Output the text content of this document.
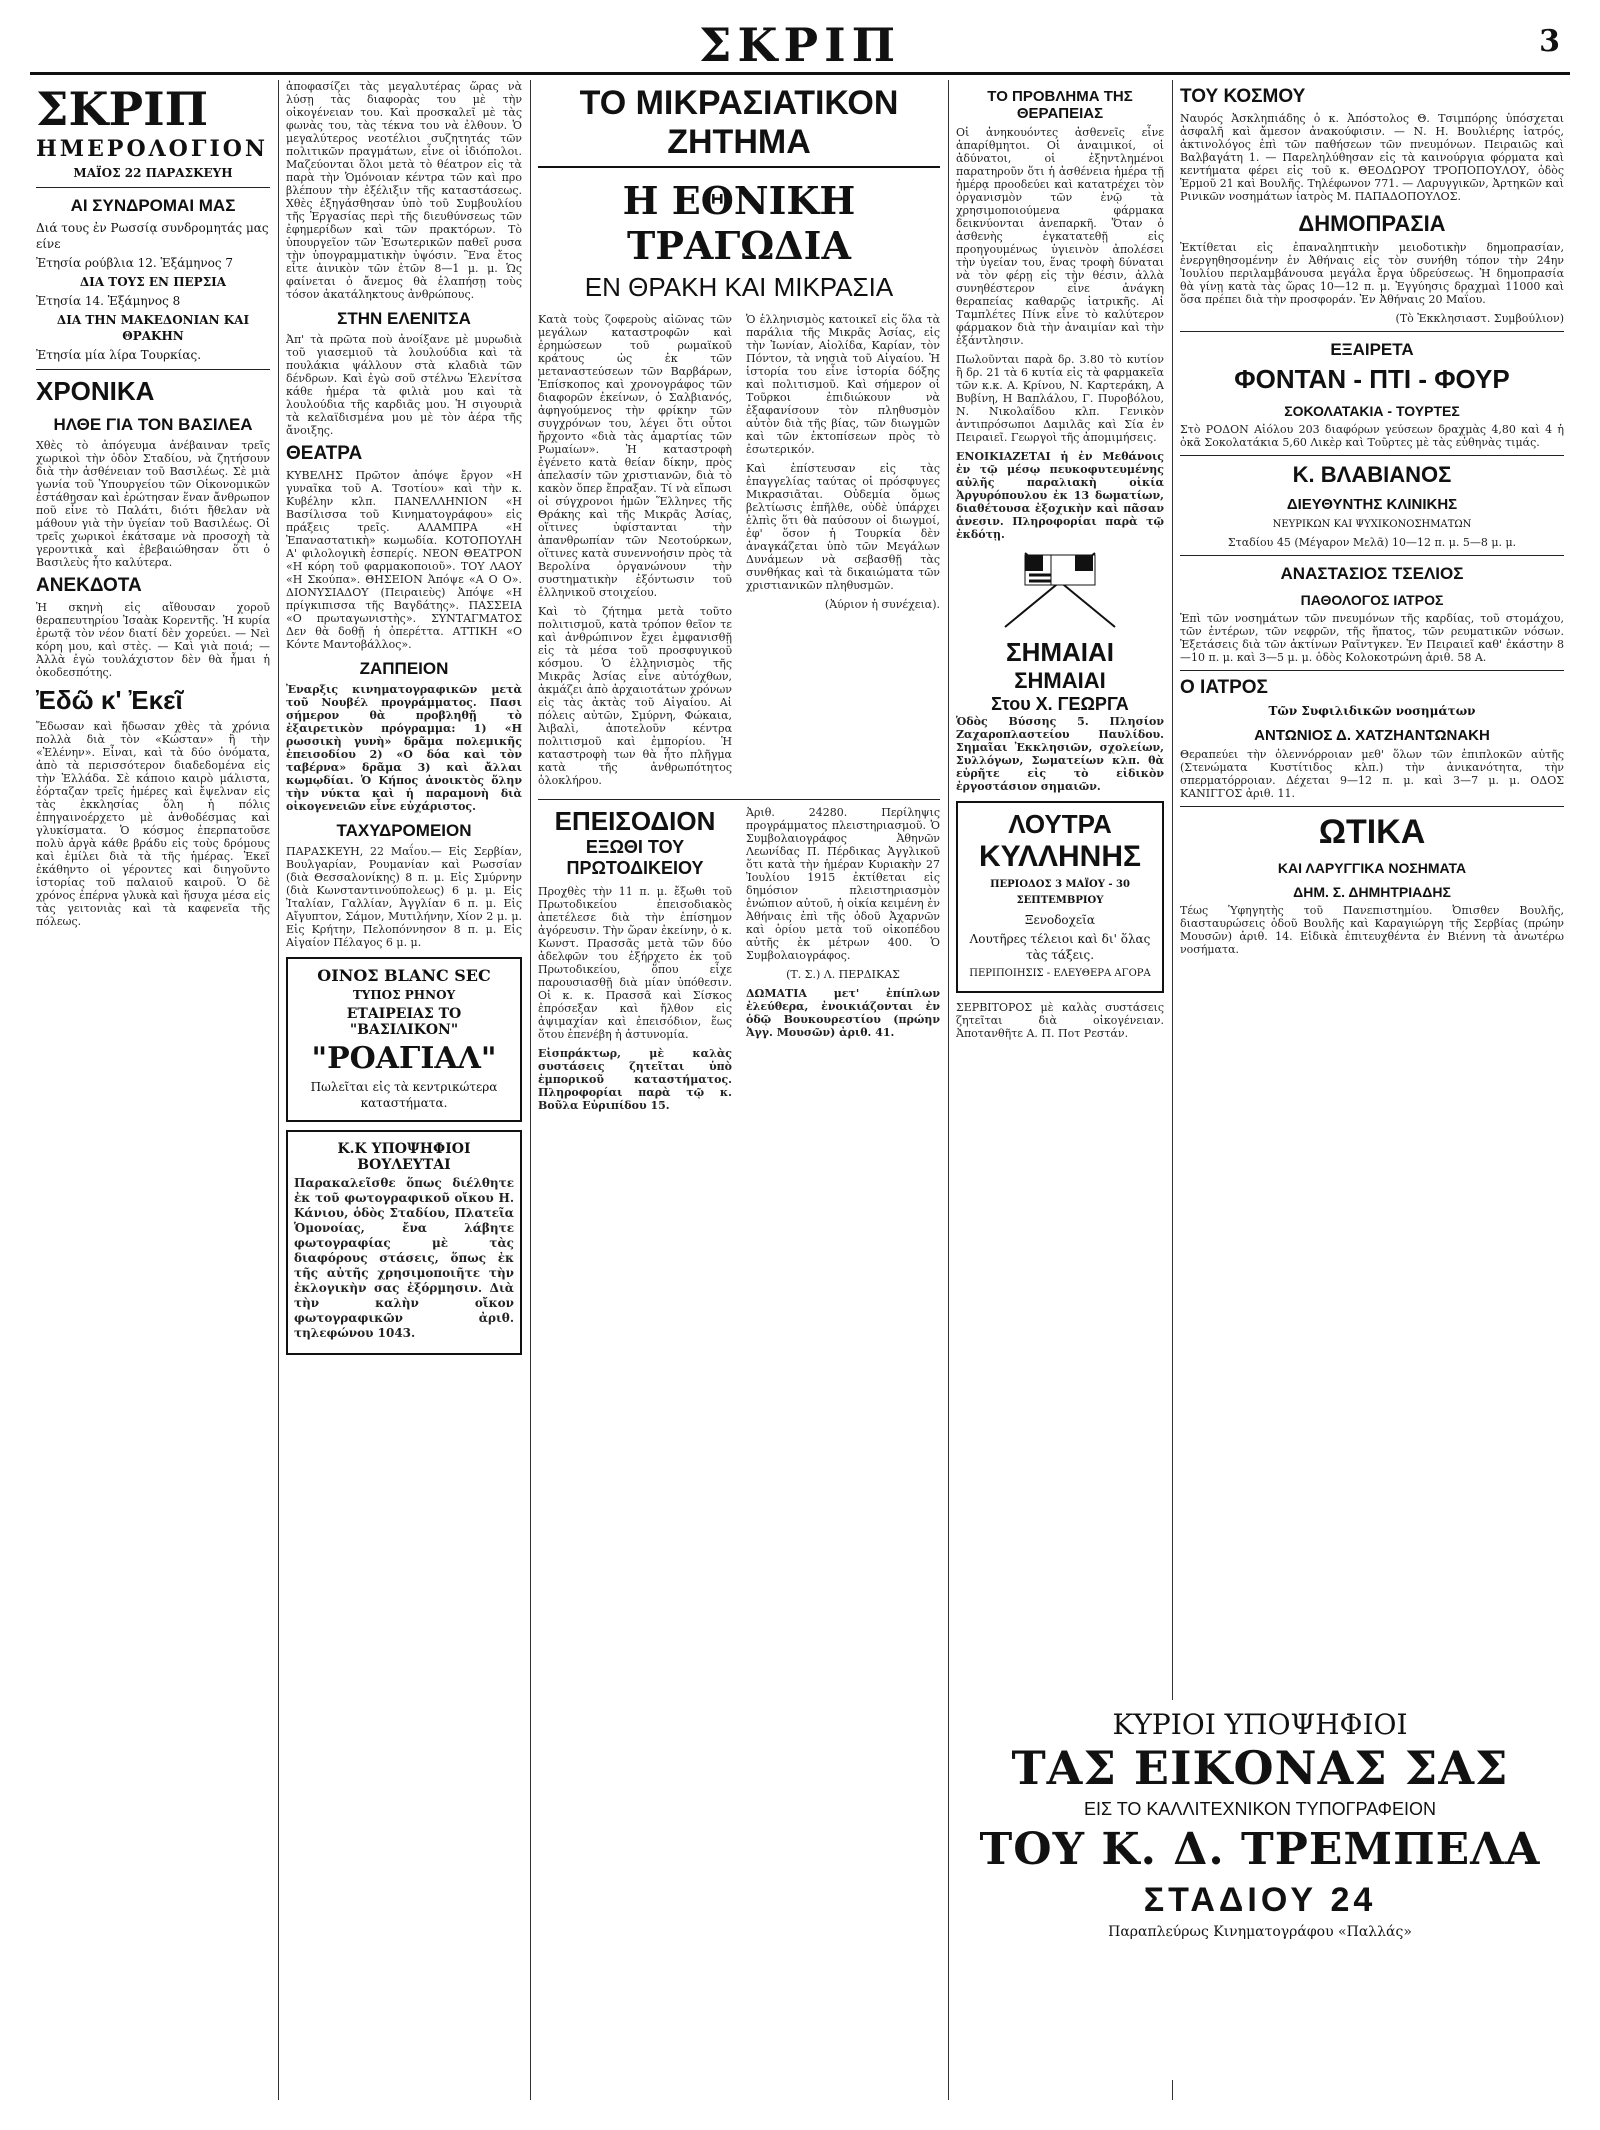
ΣΚΡΙΠ	3
ΣΚΡΙΠ
ΗΜΕΡΟΛΟΓΙΟΝ
ΜΑΪΟΣ 22 ΠΑΡΑΣΚΕΥΗ
ΑΙ ΣΥΝΔΡΟΜΑΙ ΜΑΣ
Διά τους ἐν Ρωσσίᾳ συνδρομητάς μας είνε
Ἐτησία ρούβλια 12. Ἑξάμηνος 7
ΔΙΑ ΤΟΥΣ ΕΝ ΠΕΡΣΙΑ
Ἐτησία 14. Ἑξάμηνος 8
ΔΙΑ ΤΗΝ ΜΑΚΕΔΟΝΙΑΝ ΚΑΙ ΘΡΑΚΗΝ
Ἐτησία μία λίρα Τουρκίας.
ΧΡΟΝΙΚΑ
ΗΛΘΕ ΓΙΑ ΤΟΝ ΒΑΣΙΛΕΑ

Χθὲς τὸ ἀπόγευμα ἀνέβαιναν τρεῖς χωρικοὶ τὴν ὁδὸν Σταδίου, νὰ ζητήσουν διὰ τὴν ἀσθένειαν τοῦ Βασιλέως. Σὲ μιὰ γωνία τοῦ Ὑπουργείου τῶν Οἰκονομικῶν ἐστάθησαν καὶ ἐρώτησαν ἕναν ἄνθρωπον ποῦ εἶνε τὸ Παλάτι, διότι ἤθελαν νὰ μάθουν γιὰ τὴν ὑγείαν τοῦ Βασιλέως. Οἱ τρεῖς χωρικοὶ ἐκάτσαμε νὰ προσοχὴ τὰ γεροντικὰ καὶ ἐβεβαιώθησαν ὅτι ὁ Βασιλεὺς ἦτο καλύτερα.

ΑΝΕΚΔΟΤΑ

Ἡ σκηνὴ εἰς αἴθουσαν χοροῦ θεραπευτηρίου Ἰσαὰκ Κορεντῆς. Ἡ κυρία ἐρωτᾷ τὸν νέον διατί δὲν χορεύει. — Νεὶ κόρη μου, καὶ στὲς. — Καὶ γιὰ ποιά; — Ἀλλὰ ἐγὼ τουλάχιστον δὲν θὰ ἦμαι ἡ ὀκοδεσπότης.

Ἐδῶ κ' Ἐκεῖ

Ἔδωσαν καὶ ἤδωσαν χθὲς τὰ χρόνια πολλὰ διὰ τὸν «Κώσταν» ἢ τὴν «Ἐλένην». Εἶναι, καὶ τὰ δύο ὀνόματα, ἀπὸ τὰ περισσότερον διαδεδομένα εἰς τὴν Ἑλλάδα. Σὲ κάποιο καιρὸ μάλιστα, ἐόρταζαν τρεῖς ἡμέρες καὶ ἔψελναν εἰς τὰς ἐκκλησίας ὅλη ἡ πόλις ἐπηγαινοέρχετο μὲ ἀνθοδέσμας καὶ γλυκίσματα. Ὁ κόσμος ἐπερπατοῦσε πολὺ ἀργὰ κάθε βράδυ εἰς τοὺς δρόμους καὶ ἐμίλει διὰ τὰ τῆς ἡμέρας. Ἐκεῖ ἐκάθηντο οἱ γέροντες καὶ διηγοῦντο ἱστορίας τοῦ παλαιοῦ καιροῦ. Ὁ δὲ χρόνος ἐπέρνα γλυκὰ καὶ ἥσυχα μέσα εἰς τὰς γειτονιὰς καὶ τὰ καφενεῖα τῆς πόλεως.

ἀποφασίζει τὰς μεγαλυτέρας ὥρας νὰ λύσῃ τὰς διαφορὰς του μὲ τὴν οἰκογένειαν του. Καὶ προσκαλεῖ μὲ τὰς φωνὰς του, τὰς τέκνα του νὰ ἐλθουν. Ὁ μεγαλύτερος νεοτέλιοι συζητητάς τῶν πολιτικῶν πραγμάτων, εἶνε οἱ ἰδιόπολοι. Μαζεύονται ὅλοι μετὰ τὸ θέατρον εἰς τὰ παρὰ τὴν Ὁμόνοιαν κέντρα τῶν καὶ προ βλέπουν τὴν ἐξέλιξιν τῆς καταστάσεως. Χθὲς ἐξηγάσθησαν ὑπὸ τοῦ Συμβουλίου τῆς Ἐργασίας περὶ τῆς διευθύνσεως τῶν ἐφημερίδων καὶ τῶν πρακτόρων. Τὸ ὑπουργεῖον τῶν Ἐσωτερικῶν παθεῖ ρυσα τὴν ὑπογραμματικὴν ὑψόσιν. Ἓνα ἔτος εἶτε ἀινικὸν τῶν ἐτῶν 8—1 μ. μ. Ὡς φαίνεται ὁ ἄνεμος θὰ ἐλαπήσῃ τοὺς τόσον ἀκατάληκτους ἀνθρώπους.

ΣΤΗΝ ΕΛΕΝΙΤΣΑ

Ἀπ' τὰ πρῶτα ποὺ ἀνοίξανε μὲ μυρωδιὰ τοῦ γιασεμιοῦ τὰ λουλούδια καὶ τὰ πουλάκια ψάλλουν στὰ κλαδιὰ τῶν δένδρων. Καὶ ἐγὼ σοῦ στέλνω Ἑλενίτσα κάθε ἡμέρα τὰ φιλιὰ μου καὶ τὰ λουλούδια τῆς καρδιᾶς μου. Ἡ σιγουριὰ τὰ κελαϊδισμένα μου μὲ τὸν ἀέρα τῆς ἄνοιξης.

ΘΕΑΤΡΑ

ΚΥΒΕΛΗΣ Πρῶτον ἀπόψε ἔργον «Η γυναῖκα τοῦ Α. Τσοτίου» καὶ τὴν κ. Κυβέλην κλπ. ΠΑΝΕΛΛΗΝΙΟΝ «Η Βασίλισσα τοῦ Κινηματογράφου» εἰς πράξεις τρεῖς. ΑΛΑΜΠΡΑ «Η Ἐπαναστατικὴ» κωμωδία. ΚΟΤΟΠΟΥΛΗ Α' φιλολογικὴ ἑσπερίς. ΝΕΟΝ ΘΕΑΤΡΟΝ «Η κόρη τοῦ φαρμακοποιοῦ». ΤΟΥ ΛΑΟΥ «Η Σκούπα». ΘΗΣΕΙΟΝ Ἀπόψε «Α Ο Ο». ΔΙΟΝΥΣΙΑΔΟΥ (Πειραιεὺς) Ἀπόψε «Η πρίγκιπισσα τῆς Βαγδάτης». ΠΑΣΣΕΙΑ «Ο πρωταγωνιστὴς». ΣΥΝΤΑΓΜΑΤΟΣ Δεν θὰ δοθῇ ἡ ὀπερέττα. ΑΤΤΙΚΗ «Ο Κόντε Μαντοβάλλος».

ΖΑΠΠΕΙΟΝ

Ἐναρξις κινηματογραφικῶν μετὰ τοῦ Νουβέλ προγράμματος. Πασι σήμερον θὰ προβληθῇ τὸ ἐξαιρετικὸν πρόγραμμα: 1) «Η ρωσσικὴ γυνὴ» δρᾶμα πολεμικῆς ἐπεισοδίου 2) «Ο δόα καὶ τὸν ταβέρνα» δρᾶμα 3) καὶ ἄλλαι κωμῳδίαι. Ὁ Κήπος ἀνοικτὸς ὅλην τὴν νύκτα καὶ ἡ παραμονὴ διὰ οἰκογενειῶν εἶνε εὐχάριστος.

ΤΑΧΥΔΡΟΜΕΙΟΝ

ΠΑΡΑΣΚΕΥΗ, 22 Μαΐου.— Εἰς Σερβίαν, Βουλγαρίαν, Ρουμανίαν καὶ Ρωσσίαν (διὰ Θεσσαλονίκης) 8 π. μ. Εἰς Σμύρνην (διὰ Κωνσταντινούπολεως) 6 μ. μ. Εἰς Ἰταλίαν, Γαλλίαν, Ἀγγλίαν 6 π. μ. Εἰς Αἴγυπτον, Σάμον, Μυτιλήνην, Χίον 2 μ. μ. Εἰς Κρήτην, Πελοπόννησον 8 π. μ. Εἰς Αἰγαίον Πέλαγος 6 μ. μ.

ΟΙΝΟΣ BLANC SEC
ΤΥΠΟΣ ΡΗΝΟΥ
ΕΤΑΙΡΕΙΑΣ ΤΟ "ΒΑΣΙΛΙΚΟΝ"
"ΡΟΑΓΙΑΛ"
Πωλεῖται εἰς τὰ κεντρικώτερα καταστήματα.
Κ.Κ ΥΠΟΨΗΦΙΟΙ ΒΟΥΛΕΥΤΑΙ

Παρακαλεῖσθε ὅπως διέλθητε ἐκ τοῦ φωτογραφικοῦ οἴκου Η. Κάνιου, ὁδὸς Σταδίου, Πλατεῖα Ὁμονοίας, ἔνα λάβητε φωτογραφίας μὲ τὰς διαφόρους στάσεις, ὅπως ἐκ τῆς αὐτῆς χρησιμοποιῆτε τὴν ἐκλογικὴν σας ἐξόρμησιν. Διὰ τὴν καλὴν οἴκον φωτογραφικῶν ἀριθ. τηλεφώνου 1043.

ΤΟ ΜΙΚΡΑΣΙΑΤΙΚΟΝ ΖΗΤΗΜΑ
Η ΕΘΝΙΚΗ ΤΡΑΓΩΔΙΑ
ΕΝ ΘΡΑΚΗ ΚΑΙ ΜΙΚΡΑΣΙΑ

Κατὰ τοὺς ζοφεροὺς αἰῶνας τῶν μεγάλων καταστροφῶν καὶ ἐρημώσεων τοῦ ρωμαϊκοῦ κράτους ὡς ἐκ τῶν μεταναστεύσεων τῶν Βαρβάρων, Ἐπίσκοπος καὶ χρονογράφος τῶν διαφορῶν ἐκείνων, ὁ Σαλβιανός, ἀφηγούμενος τὴν φρίκην τῶν συγχρόνων του, λέγει ὅτι οὗτοι ἤρχοντο «διὰ τὰς ἁμαρτίας τῶν Ρωμαίων». Ἡ καταστροφὴ ἐγένετο κατὰ θείαν δίκην, πρὸς ἀπελασίν τῶν χριστιανῶν, διὰ τὸ κακὸν ὅπερ ἔπραξαν. Τί νὰ εἴπωσι οἱ σύγχρονοι ἡμῶν Ἕλληνες τῆς Θράκης καὶ τῆς Μικρᾶς Ἀσίας, οἵτινες ὑφίστανται τὴν ἀπανθρωπίαν τῶν Νεοτούρκων, οἵτινες κατὰ συνεννοήσιν πρὸς τὰ Βερολίνα ὀργανώνουν τὴν συστηματικὴν ἐξόντωσιν τοῦ ἑλληνικοῦ στοιχείου.

Καὶ τὸ ζήτημα μετὰ τοῦτο πολιτισμοῦ, κατὰ τρόπον θεῖον τε καὶ ἀνθρώπινον ἔχει ἐμφανισθῇ εἰς τὰ μέσα τοῦ προσφυγικοῦ κόσμου. Ὁ ἑλληνισμὸς τῆς Μικρᾶς Ἀσίας εἶνε αὐτόχθων, ἀκμάζει ἀπὸ ἀρχαιοτάτων χρόνων εἰς τὰς ἀκτὰς τοῦ Αἰγαίου. Αἱ πόλεις αὐτῶν, Σμύρνη, Φώκαια, Ἀιβαλὶ, ἀποτελοῦν κέντρα πολιτισμοῦ καὶ ἐμπορίου. Ἡ καταστροφὴ των θὰ ἦτο πλῆγμα κατὰ τῆς ἀνθρωπότητος ὁλοκλήρου.

Ὁ ἑλληνισμὸς κατοικεῖ εἰς ὅλα τὰ παράλια τῆς Μικρᾶς Ἀσίας, εἰς τὴν Ἰωνίαν, Αἰολίδα, Καρίαν, τὸν Πόντον, τὰ νησιὰ τοῦ Αἰγαίου. Ἡ ἱστορία του εἶνε ἱστορία δόξης καὶ πολιτισμοῦ. Καὶ σήμερον οἱ Τοῦρκοι ἐπιδιώκουν νὰ ἐξαφανίσουν τὸν πληθυσμὸν αὐτὸν διὰ τῆς βίας, τῶν διωγμῶν καὶ τῶν ἐκτοπίσεων πρὸς τὸ ἐσωτερικόν.

Καὶ ἐπίστευσαν εἰς τὰς ἐπαγγελίας ταύτας οἱ πρόσφυγες Μικρασιᾶται. Οὐδεμία ὅμως βελτίωσις ἐπῆλθε, οὐδὲ ὑπάρχει ἐλπὶς ὅτι θὰ παύσουν οἱ διωγμοί, ἐφ' ὅσον ἡ Τουρκία δὲν ἀναγκάζεται ὑπὸ τῶν Μεγάλων Δυνάμεων νὰ σεβασθῇ τὰς συνθήκας καὶ τὰ δικαιώματα τῶν χριστιανικῶν πληθυσμῶν.

(Ἀύριον ἡ συνέχεια).

ΕΠΕΙΣΟΔΙΟΝ
ΕΞΩΘΙ ΤΟΥ ΠΡΩΤΟΔΙΚΕΙΟΥ

Προχθὲς τὴν 11 π. μ. ἔξωθι τοῦ Πρωτοδικείου ἐπεισοδιακὸς ἀπετέλεσε διὰ τὴν ἐπίσημον ἀγόρευσιν. Τὴν ὥραν ἐκείνην, ὁ κ. Κωνστ. Πρασσᾶς μετὰ τῶν δύο ἀδελφῶν του ἐξήρχετο ἐκ τοῦ Πρωτοδικείου, ὅπου εἶχε παρουσιασθῇ διὰ μίαν ὑπόθεσιν. Οἱ κ. κ. Πρασσᾶ καὶ Σίσκος ἐπρόσεξαν καὶ ἤλθον εἰς ἀψιμαχίαν καὶ ἐπεισόδιον, ἕως ὅτου ἐπενέβη ἡ ἀστυνομία.

Εἰσπράκτωρ, μὲ καλὰς συστάσεις ζητεῖται ὑπὸ ἐμπορικοῦ καταστήματος. Πληροφορίαι παρὰ τῷ κ. Βοῦλα Εὐριπίδου 15.

Ἀριθ. 24280. Περίληψις προγράμματος πλειστηριασμοῦ. Ὁ Συμβολαιογράφος Ἀθηνῶν Λεωνίδας Π. Πέρδικας Ἀγγλικοῦ ὅτι κατὰ τὴν ἡμέραν Κυριακὴν 27 Ἰουλίου 1915 ἐκτίθεται εἰς δημόσιον πλειστηριασμὸν ἐνώπιον αὐτοῦ, ἡ οἰκία κειμένη ἐν Ἀθήναις ἐπὶ τῆς ὁδοῦ Ἀχαρνῶν καὶ ὁρίου μετὰ τοῦ οἰκοπέδου αὐτῆς ἐκ μέτρων 400. Ὁ Συμβολαιογράφος.

(Τ. Σ.) Λ. ΠΕΡΔΙΚΑΣ

ΔΩΜΑΤΙΑ μετ' ἐπίπλων ἐλεύθερα, ἐνοικιάζονται ἐν ὁδῷ Βουκουρεστίου (πρώην Ἀγγ. Μουσῶν) ἀριθ. 41.

ΤΟ ΠΡΟΒΛΗΜΑ ΤΗΣ ΘΕΡΑΠΕΙΑΣ

Οἱ ἀνηκουόντες ἀσθενεῖς εἶνε ἀπαρίθμητοι. Οἱ ἀναιμικοί, οἱ ἀδύνατοι, οἱ ἐξηντλημένοι παρατηροῦν ὅτι ἡ ἀσθένεια ἡμέρα τῇ ἡμέρᾳ προοδεύει καὶ κατατρέχει τὸν ὀργανισμὸν τῶν ἐνῷ τὰ χρησιμοποιούμενα φάρμακα δεικνύονται ἀνεπαρκῆ. Ὅταν ὁ ἀσθενὴς ἐγκατατεθῇ εἰς προηγουμένως ὑγιεινὸν ἀπολέσει τὴν ὑγείαν του, ἕνας τροφὴ δύναται νὰ τὸν φέρῃ εἰς τὴν θέσιν, ἀλλὰ συνηθέστερον εἶνε ἀνάγκη θεραπείας καθαρῶς ἰατρικῆς. Αἱ Ταμπλέτες Πίνκ εἶνε τὸ καλύτερον φάρμακον διὰ τὴν ἀναιμίαν καὶ τὴν ἐξάντλησιν.

Πωλοῦνται παρὰ δρ. 3.80 τὸ κυτίον ἢ δρ. 21 τὰ 6 κυτία εἰς τὰ φαρμακεῖα τῶν κ.κ. Α. Κρίνου, Ν. Καρτεράκη, Α Βυβίνη, Η Βαπλάλου, Γ. Πυροβόλου, Ν. Νικολαΐδου κλπ. Γενικὸν ἀντιπρόσωποι Δαμιλᾶς καὶ Σία ἐν Πειραιεῖ. Γεωργοὶ τῆς ἀπομιμήσεις.

ΕΝΟΙΚΙΑΖΕΤΑΙ ἡ ἐν Μεθάνοις ἐν τῷ μέσῳ πευκοφυτευμένης αὐλῆς παραλιακὴ οἰκία Ἀργυρόπουλου ἐκ 13 δωματίων, διαθέτουσα ἐξοχικὴν καὶ πᾶσαν ἀνεσιν. Πληροφορίαι παρὰ τῷ ἐκδότῃ.

ΣΗΜΑΙΑΙ
ΣΗΜΑΙΑΙ
Στου Χ. ΓΕΩΡΓΑ

Ὁδὸς Βύσσης 5. Πλησίον Ζαχαροπλαστείου Παυλίδου. Σημαῖαι Ἐκκλησιῶν, σχολείων, Συλλόγων, Σωματείων κλπ. θὰ εὑρῆτε εἰς τὸ εἰδικὸν ἐργοστάσιον σημαιῶν.

ΛΟΥΤΡΑ
ΚΥΛΛΗΝΗΣ
ΠΕΡΙΟΔΟΣ 3 ΜΑΪΟΥ - 30 ΣΕΠΤΕΜΒΡΙΟΥ
Ξενοδοχεῖα
Λουτῆρες τέλειοι καὶ δι' ὅλας τὰς τάξεις.
ΠΕΡΙΠΟΙΗΣΙΣ - ΕΛΕΥΘΕΡΑ ΑΓΟΡΑ

ΣΕΡΒΙΤΟΡΟΣ μὲ καλὰς συστάσεις ζητεῖται διὰ οἰκογένειαν. Ἀποτανθῆτε Α. Π. Ποτ Ρεστάν.

ΤΟΥ ΚΟΣΜΟΥ

Ναυρός Ἀσκληπιάδης ὁ κ. Ἀπόστολος Θ. Τσιμπόρης ὑπόσχεται ἀσφαλῆ καὶ ἄμεσον ἀνακούφισιν. — Ν. Η. Βουλιέρης ἰατρός, ἀκτινολόγος ἐπὶ τῶν παθήσεων τῶν πνευμόνων. Πειραιῶς καὶ Βαλβαγάτη 1. — Παρεληλύθησαν εἰς τὰ καινούργια φόρματα καὶ κεντήματα φέρει εἰς τοῦ κ. ΘΕΟΔΩΡΟΥ ΤΡΟΠΟΠΟΥΛΟΥ, ὁδὸς Ἑρμοῦ 21 καὶ Βουλῆς. Τηλέφωνον 771. — Λαρυγγικῶν, Ἀρτηκῶν καὶ Ρινικῶν νοσημάτων ἰατρὸς Μ. ΠΑΠΑΔΟΠΟΥΛΟΣ.

ΔΗΜΟΠΡΑΣΙΑ

Ἐκτίθεται εἰς ἐπαναληπτικὴν μειοδοτικὴν δημοπρασίαν, ἐνεργηθησομένην ἐν Ἀθήναις εἰς τὸν συνήθη τόπον τὴν 24ην Ἰουλίου περιλαμβάνουσα μεγάλα ἔργα ὑδρεύσεως. Ἡ δημοπρασία θὰ γίνῃ κατὰ τὰς ὥρας 10—12 π. μ. Ἐγγύησις δραχμαὶ 11000 καὶ ὅσα πρέπει διὰ τὴν προσφοράν. Ἐν Ἀθήναις 20 Μαΐου.

(Τὸ Ἐκκλησιαστ. Συμβούλιον)

ΕΞΑΙΡΕΤΑ
ΦΟΝΤΑΝ - ΠΤΙ - ΦΟΥΡ
ΣΟΚΟΛΑΤΑΚΙΑ - ΤΟΥΡΤΕΣ

Στὸ ΡΟΔΟΝ Αἰόλου 203 διαφόρων γεύσεων δραχμὰς 4,80 καὶ 4 ἡ ὀκᾶ Σοκολατάκια 5,60 Λικὲρ καὶ Τοῦρτες μὲ τὰς εὐθηνὰς τιμάς.

Κ. ΒΛΑΒΙΑΝΟΣ
ΔΙΕΥΘΥΝΤΗΣ ΚΛΙΝΙΚΗΣ
ΝΕΥΡΙΚΩΝ ΚΑΙ ΨΥΧΙΚΟΝΟΣΗΜΑΤΩΝ

Σταδίου 45 (Μέγαρον Μελᾶ) 10—12 π. μ. 5—8 μ. μ.

ΑΝΑΣΤΑΣΙΟΣ ΤΣΕΛΙΟΣ
ΠΑΘΟΛΟΓΟΣ ΙΑΤΡΟΣ

Ἐπὶ τῶν νοσημάτων τῶν πνευμόνων τῆς καρδίας, τοῦ στομάχου, τῶν ἐντέρων, τῶν νεφρῶν, τῆς ἥπατος, τῶν ρευματικῶν νόσων. Ἐξετάσεις διὰ τῶν ἀκτίνων Ραῖντγκεν. Ἐν Πειραιεῖ καθ' ἑκάστην 8—10 π. μ. καὶ 3—5 μ. μ. ὁδὸς Κολοκοτρώνη ἀριθ. 58 Α.

Ο ΙΑΤΡΟΣ
Τῶν Συφιλιδικῶν νοσημάτων
ΑΝΤΩΝΙΟΣ Δ. ΧΑΤΖΗΑΝΤΩΝΑΚΗ

Θεραπεύει τὴν ὁλεννόρροιαν μεθ' ὅλων τῶν ἐπιπλοκῶν αὐτῆς (Στενώματα Κυστίτιδος κλπ.) τὴν ἀνικανότητα, τὴν σπερματόρροιαν. Δέχεται 9—12 π. μ. καὶ 3—7 μ. μ. ΟΔΟΣ ΚΑΝΙΓΓΟΣ ἀριθ. 11.

ΩΤΙΚΑ
ΚΑΙ ΛΑΡΥΓΓΙΚΑ ΝΟΣΗΜΑΤΑ
ΔΗΜ. Σ. ΔΗΜΗΤΡΙΑΔΗΣ

Τέως Ὑφηγητὴς τοῦ Πανεπιστημίου. Ὀπισθεν Βουλῆς, διασταυρώσεις ὁδοῦ Βουλῆς καὶ Καραγιώργη τῆς Σερβίας (πρώην Μουσῶν) ἀριθ. 14. Εἰδικὰ ἐπιτευχθέντα ἐν Βιέννη τὰ ἀνωτέρω νοσήματα.

ΚΥΡΙΟΙ ΥΠΟΨΗΦΙΟΙ
ΤΑΣ ΕΙΚΟΝΑΣ ΣΑΣ
ΕΙΣ ΤΟ ΚΑΛΛΙΤΕΧΝΙΚΟΝ ΤΥΠΟΓΡΑΦΕΙΟΝ
ΤΟΥ Κ. Δ. ΤΡΕΜΠΕΛΑ
ΣΤΑΔΙΟΥ 24
Παραπλεύρως Κινηματογράφου «Παλλάς»
